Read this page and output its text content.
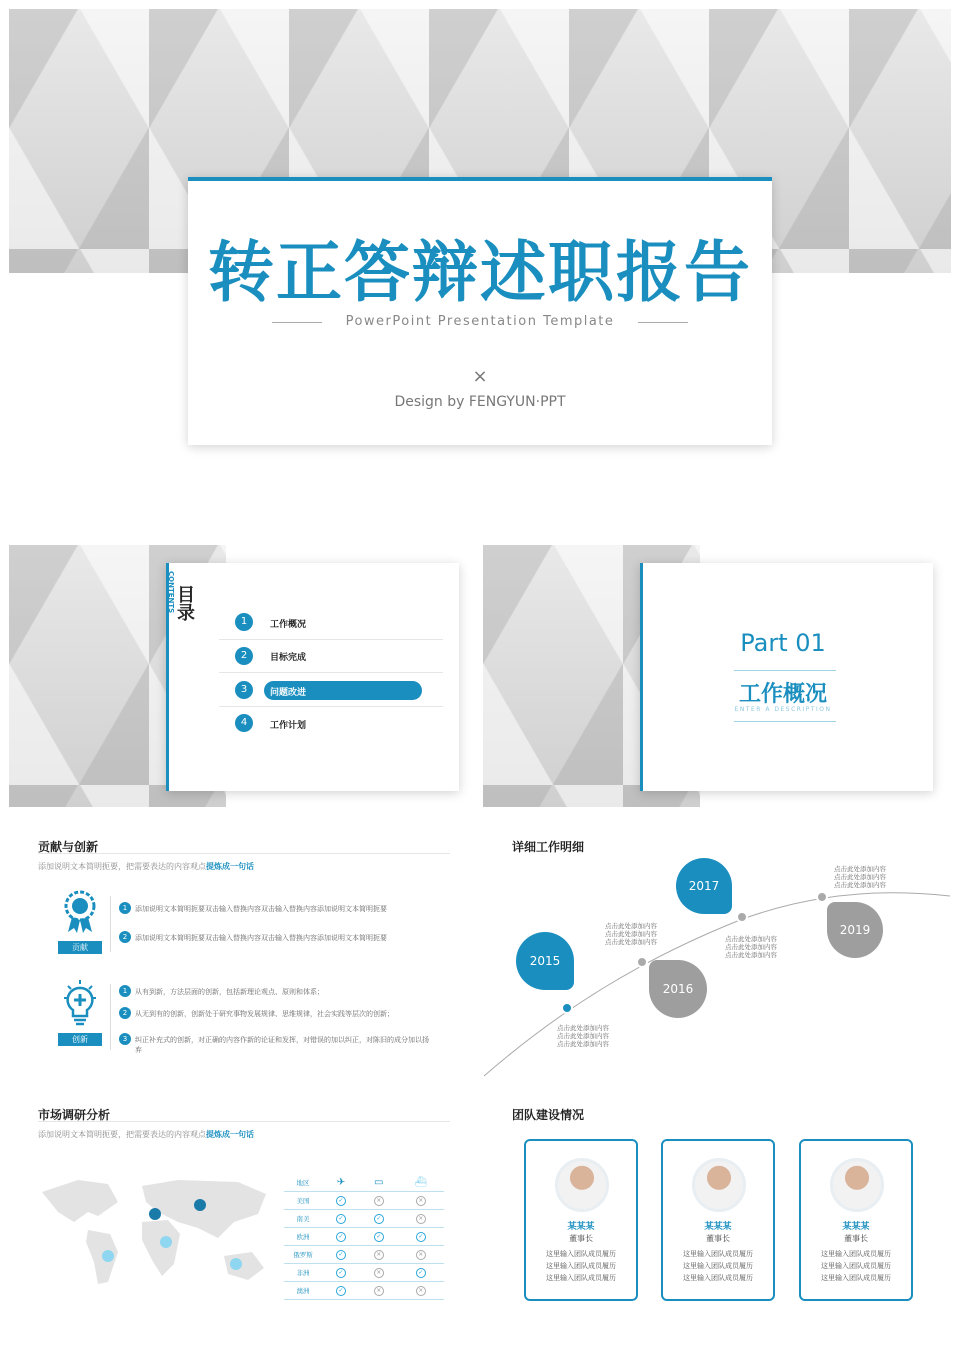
转正答辩述职报告
PowerPoint Presentation Template
×
Design by FENGYUN·PPT
CONTENTS 目录
1	工作概况
2	目标完成
3	问题改进
4	工作计划
Part 01
工作概况
ENTER A DESCRIPTION
贡献与创新
添加说明文本简明扼要，把需要表达的内容观点提炼成一句话
贡献
1	添加说明文本简明扼要双击输入替换内容双击输入替换内容添加说明文本简明扼要
2	添加说明文本简明扼要双击输入替换内容双击输入替换内容添加说明文本简明扼要
创新
1	从有到新，方法层面的创新，包括新理论观点、原则和体系；
2	从无到有的创新，创新处于研究事物发展规律、思维规律，社会实践等层次的创新；
3	纠正补充式的创新，对正确的内容作新的论证和发挥，对错误的加以纠正，对陈旧的成分加以扬弃
详细工作明细
2015
2016
2017
2019
点击此处添加内容
点击此处添加内容
点击此处添加内容
点击此处添加内容
点击此处添加内容
点击此处添加内容	点击此处添加内容
点击此处添加内容
点击此处添加内容
点击此处添加内容
点击此处添加内容
点击此处添加内容
市场调研分析
添加说明文本简明扼要，把需要表达的内容观点提炼成一句话
地区	✈	▭	⛴
美国	✓	×	×
南美	✓	✓	×
欧洲	✓	✓	✓
俄罗斯	✓	×	×
非洲	✓	×	✓
澳洲	✓	×	×
团队建设情况
某某某
董事长
这里输入团队成员履历
这里输入团队成员履历
这里输入团队成员履历
某某某
董事长
这里输入团队成员履历
这里输入团队成员履历
这里输入团队成员履历
某某某
董事长
这里输入团队成员履历
这里输入团队成员履历
这里输入团队成员履历
